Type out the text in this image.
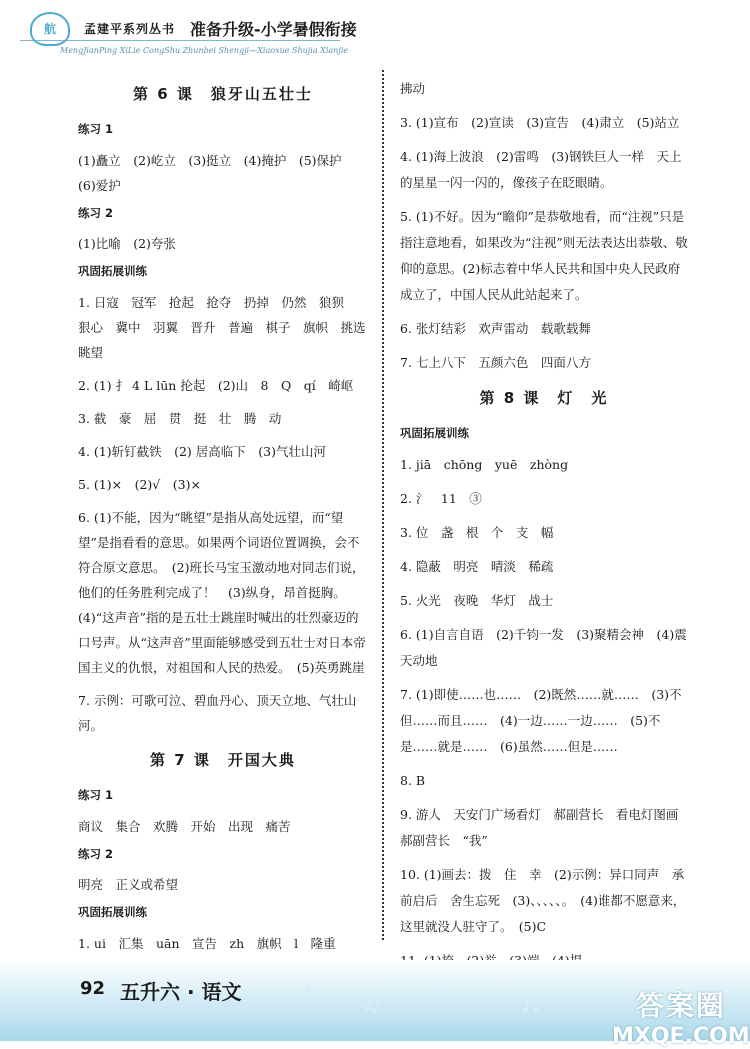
航	孟建平系列丛书 准备升级-小学暑假衔接
MengJianPing XiLie CongShu Zhunbei Shengji—Xiaoxue Shujia Xianjie
第 6 课　狼牙山五壮士
练习 1
(1)矗立　(2)屹立　(3)挺立　(4)掩护　(5)保护
(6)爱护
练习 2
(1)比喻　(2)夸张
巩固拓展训练
1. 日寇　冠军　抢起　抢夺　扔掉　仍然　狼狈　狠心　冀中　羽翼　晋升　普遍　棋子　旗帜　挑选　眺望
2. (1) 扌 4 L lūn 抡起　(2)山　8　Q　qí　崎岖
3. 截　豪　屈　贯　挺　壮　腾　动
4. (1)斩钉截铁　(2) 居高临下　(3)气壮山河
5. (1)×　(2)√　(3)×
6. (1)不能，因为“眺望”是指从高处远望，而“望望”是指看看的意思。如果两个词语位置调换，会不符合原文意思。　(2)班长马宝玉激动地对同志们说，他们的任务胜利完成了！　(3)纵身，昂首挺胸。　(4)“这声音”指的是五壮士跳崖时喊出的壮烈豪迈的口号声。从“这声音”里面能够感受到五壮士对日本帝国主义的仇恨，对祖国和人民的热爱。　(5)英勇跳崖
7. 示例：可歌可泣、碧血丹心、顶天立地、气壮山河。
第 7 课　开国大典
练习 1
商议　集合　欢腾　开始　出现　痛苦
练习 2
明亮　正义或希望
巩固拓展训练
1. ui　汇集　uān　宣告　zh　旗帜　l　隆重
拂动
3. (1)宣布　(2)宣读　(3)宣告　(4)肃立　(5)站立
4. (1)海上波浪　(2)雷鸣　(3)钢铁巨人一样　天上的星星一闪一闪的，像孩子在眨眼睛。
5. (1)不好。因为“瞻仰”是恭敬地看，而“注视”只是指注意地看，如果改为“注视”则无法表达出恭敬、敬仰的意思。(2)标志着中华人民共和国中央人民政府成立了，中国人民从此站起来了。
6. 张灯结彩　欢声雷动　载歌载舞
7. 七上八下　五颜六色　四面八方
第 8 课　灯　光
巩固拓展训练
1. jiā　chōng　yuē　zhòng
2. 氵　11　③
3. 位　盏　根　个　支　幅
4. 隐蔽　明亮　晴淡　稀疏
5. 火光　夜晚　华灯　战士
6. (1)自言自语　(2)千钧一发　(3)聚精会神　(4)震天动地
7. (1)即使……也……　(2)既然……就……　(3)不但……而且……　(4)一边……一边……　(5)不是……就是……　(6)虽然……但是……
8. B
9. 游人　天安门广场看灯　郝副营长　看电灯图画　郝副营长　“我”
10. (1)画去：拨　住　幸　(2)示例：异口同声　承前启后　舍生忘死　(3)、、、、、。　(4)谁都不愿意来，这里就没人驻守了。　(5)C
♪ ♫ ♩	♬
92 五升六 · 语文	答案圈
MXQE.COM
